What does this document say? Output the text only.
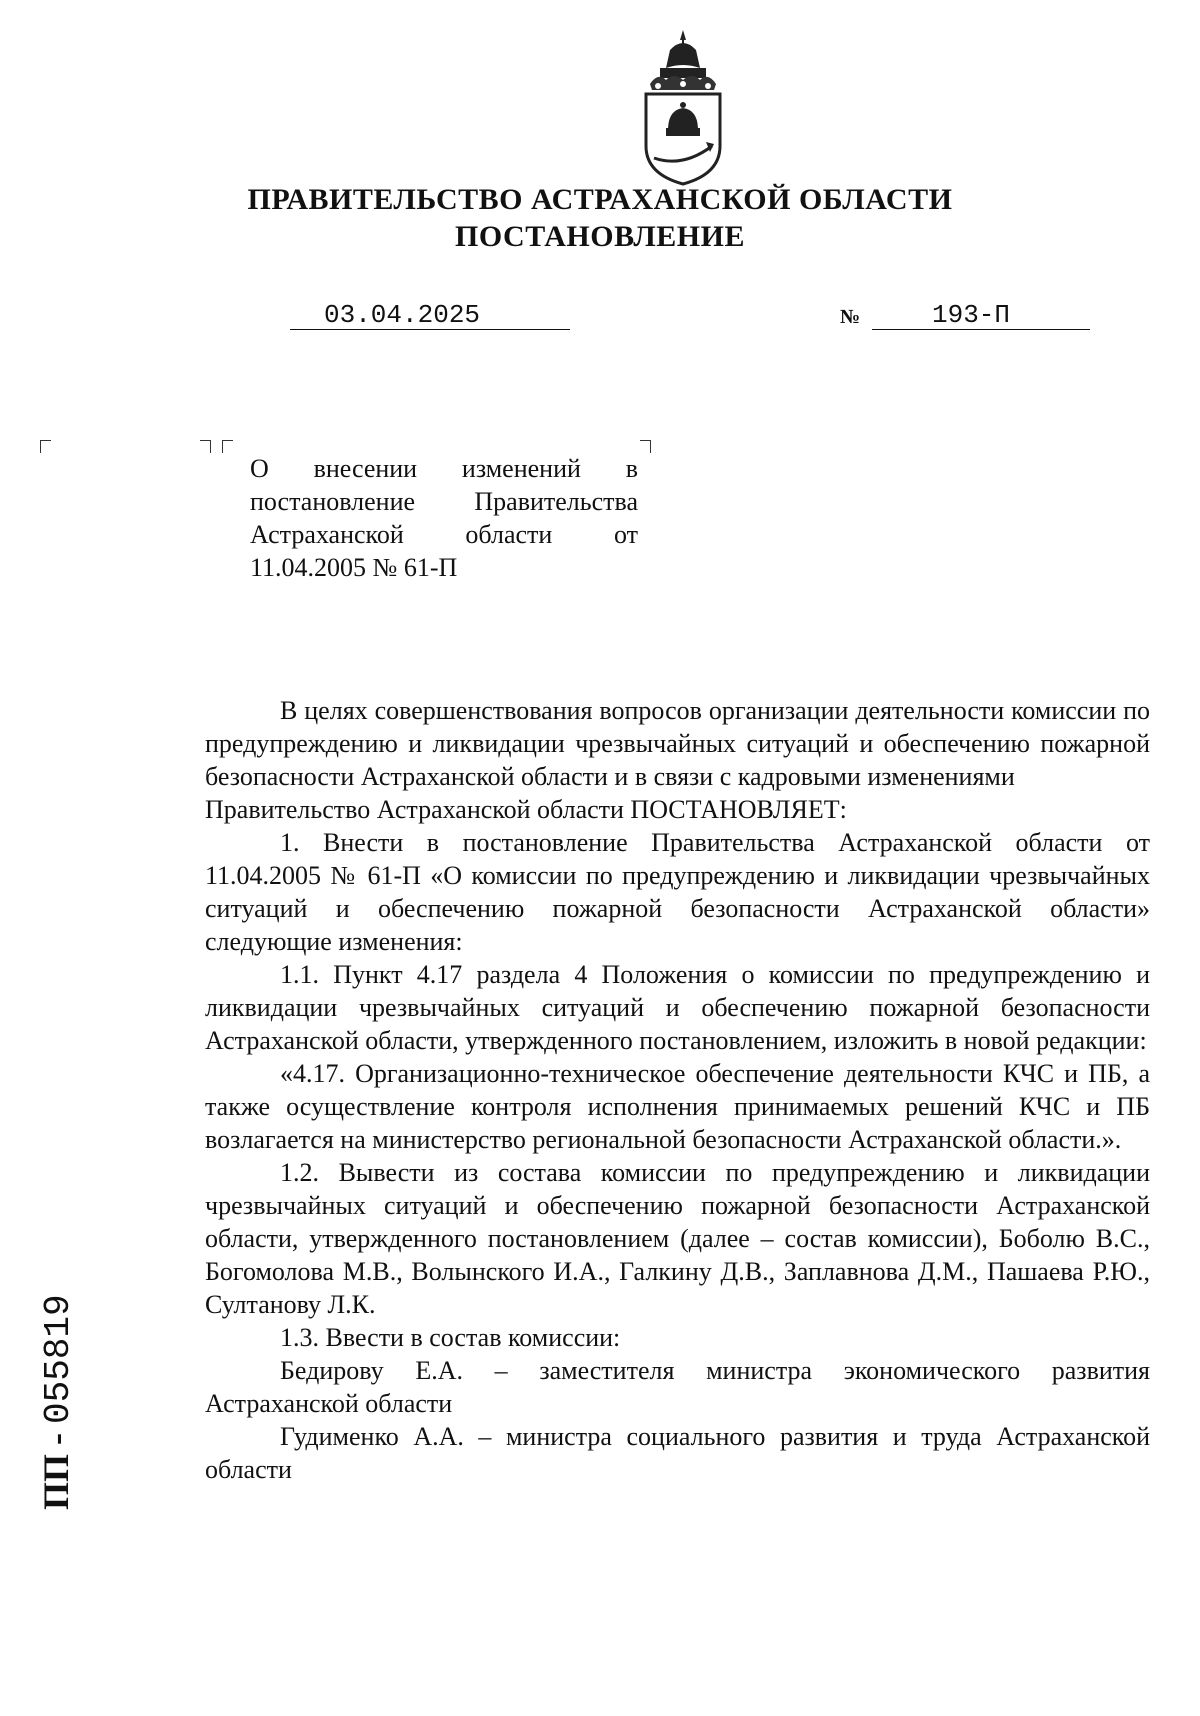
ПРАВИТЕЛЬСТВО АСТРАХАНСКОЙ ОБЛАСТИ
ПОСТАНОВЛЕНИЕ
03.04.2025	№	193-П
О внесении изменений в постановление Правительства Астраханской области от 11.04.2005 № 61-П

В целях совершенствования вопросов организации деятельности комиссии по предупреждению и ликвидации чрезвычайных ситуаций и обеспечению пожарной безопасности Астраханской области и в связи с кадровыми изменениями

Правительство Астраханской области ПОСТАНОВЛЯЕТ:

1. Внести в постановление Правительства Астраханской области от 11.04.2005 № 61-П «О комиссии по предупреждению и ликвидации чрезвычайных ситуаций и обеспечению пожарной безопасности Астраханской области» следующие изменения:

1.1. Пункт 4.17 раздела 4 Положения о комиссии по предупреждению и ликвидации чрезвычайных ситуаций и обеспечению пожарной безопасности Астраханской области, утвержденного постановлением, изложить в новой редакции:

«4.17. Организационно-техническое обеспечение деятельности КЧС и ПБ, а также осуществление контроля исполнения принимаемых решений КЧС и ПБ возлагается на министерство региональной безопасности Астраханской области.».

1.2. Вывести из состава комиссии по предупреждению и ликвидации чрезвычайных ситуаций и обеспечению пожарной безопасности Астраханской области, утвержденного постановлением (далее – состав комиссии), Боболю В.С., Богомолова М.В., Волынского И.А., Галкину Д.В., Заплавнова Д.М., Пашаева Р.Ю., Султанову Л.К.

1.3. Ввести в состав комиссии:

Бедирову Е.А. – заместителя министра экономического развития Астраханской области

Гудименко А.А. – министра социального развития и труда Астраханской области

ПП - 055819
